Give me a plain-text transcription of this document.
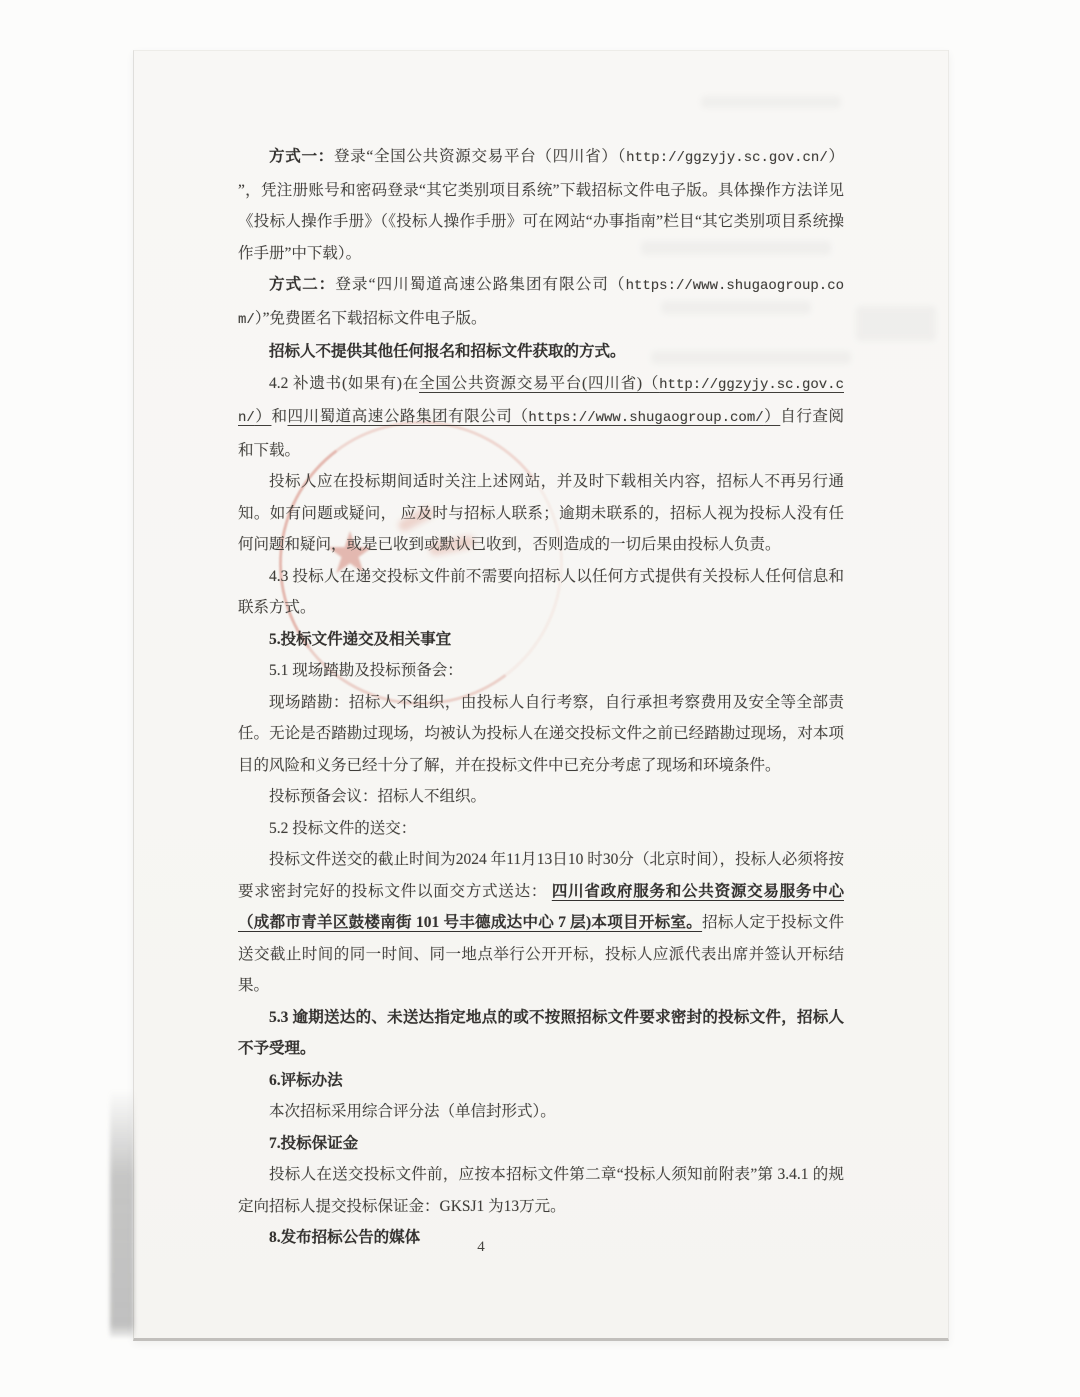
★

方式一：登录“全国公共资源交易平台（四川省）（http://ggzyjy.sc.gov.cn/） ”，凭注册账号和密码登录“其它类别项目系统”下载招标文件电子版。具体操作方法详见《投标人操作手册》（《投标人操作手册》可在网站“办事指南”栏目“其它类别项目系统操作手册”中下载）。

方式二：登录“四川蜀道高速公路集团有限公司（https://www.shugaogroup.com/）”免费匿名下载招标文件电子版。

招标人不提供其他任何报名和招标文件获取的方式。

4.2 补遗书(如果有)在全国公共资源交易平台(四川省)（http://ggzyjy.sc.gov.cn/）和四川蜀道高速公路集团有限公司（https://www.shugaogroup.com/）自行查阅和下载。

投标人应在投标期间适时关注上述网站，并及时下载相关内容，招标人不再另行通知。如有问题或疑问， 应及时与招标人联系；逾期未联系的，招标人视为投标人没有任何问题和疑问，或是已收到或默认已收到，否则造成的一切后果由投标人负责。

4.3 投标人在递交投标文件前不需要向招标人以任何方式提供有关投标人任何信息和联系方式。

5.投标文件递交及相关事宜

5.1 现场踏勘及投标预备会：

现场踏勘：招标人不组织，由投标人自行考察，自行承担考察费用及安全等全部责任。无论是否踏勘过现场，均被认为投标人在递交投标文件之前已经踏勘过现场，对本项目的风险和义务已经十分了解，并在投标文件中已充分考虑了现场和环境条件。

投标预备会议：招标人不组织。

5.2 投标文件的送交：

投标文件送交的截止时间为2024 年11月13日10 时30分（北京时间），投标人必须将按要求密封完好的投标文件以面交方式送达： 四川省政府服务和公共资源交易服务中心（成都市青羊区鼓楼南街 101 号丰德成达中心 7 层)本项目开标室。招标人定于投标文件送交截止时间的同一时间、同一地点举行公开开标，投标人应派代表出席并签认开标结果。

5.3 逾期送达的、未送达指定地点的或不按照招标文件要求密封的投标文件，招标人不予受理。

6.评标办法

本次招标采用综合评分法（单信封形式）。

7.投标保证金

投标人在送交投标文件前，应按本招标文件第二章“投标人须知前附表”第 3.4.1 的规定向招标人提交投标保证金：GKSJ1 为13万元。

8.发布招标公告的媒体

4
